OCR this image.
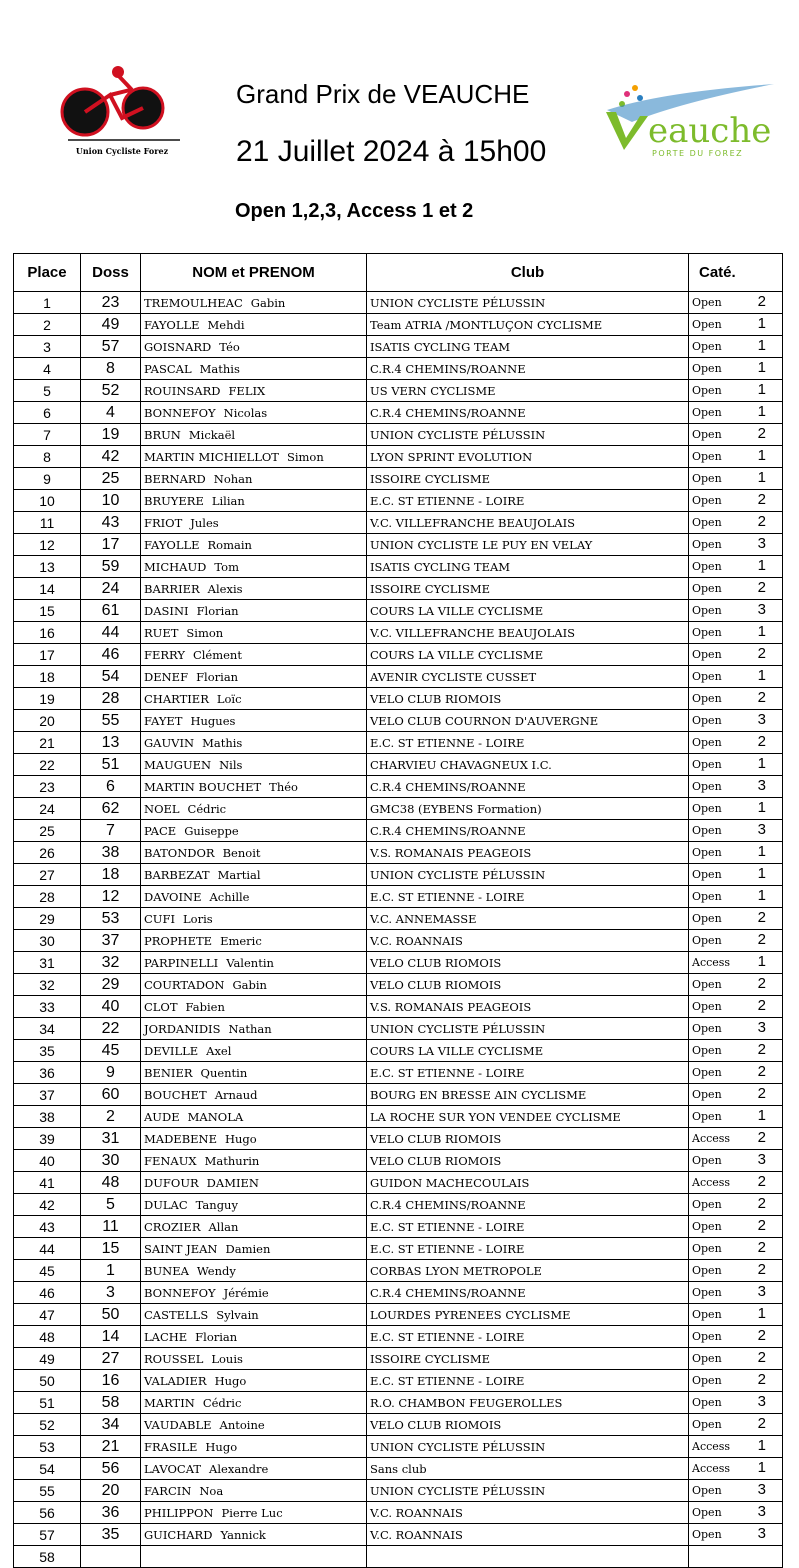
Union Cycliste Forez
Grand Prix de VEAUCHE
21 Juillet 2024 à 15h00
Open 1,2,3, Access 1 et 2
eauche
PORTE DU FOREZ
Place	Doss	NOM et PRENOM	Club	Caté.
1	23	TREMOULHEAC Gabin	UNION CYCLISTE PÉLUSSIN	Open 2

2	49	FAYOLLE Mehdi	Team ATRIA /MONTLUÇON CYCLISME	Open 1

3	57	GOISNARD Téo	ISATIS CYCLING TEAM	Open 1

4	8	PASCAL Mathis	C.R.4 CHEMINS/ROANNE	Open 1

5	52	ROUINSARD FELIX	US VERN CYCLISME	Open 1

6	4	BONNEFOY Nicolas	C.R.4 CHEMINS/ROANNE	Open 1

7	19	BRUN Mickaël	UNION CYCLISTE PÉLUSSIN	Open 2

8	42	MARTIN MICHIELLOT Simon	LYON SPRINT EVOLUTION	Open 1

9	25	BERNARD Nohan	ISSOIRE CYCLISME	Open 1

10	10	BRUYERE Lilian	E.C. ST ETIENNE - LOIRE	Open 2

11	43	FRIOT Jules	V.C. VILLEFRANCHE BEAUJOLAIS	Open 2

12	17	FAYOLLE Romain	UNION CYCLISTE LE PUY EN VELAY	Open 3

13	59	MICHAUD Tom	ISATIS CYCLING TEAM	Open 1

14	24	BARRIER Alexis	ISSOIRE CYCLISME	Open 2

15	61	DASINI Florian	COURS LA VILLE CYCLISME	Open 3

16	44	RUET Simon	V.C. VILLEFRANCHE BEAUJOLAIS	Open 1

17	46	FERRY Clément	COURS LA VILLE CYCLISME	Open 2

18	54	DENEF Florian	AVENIR CYCLISTE CUSSET	Open 1

19	28	CHARTIER Loïc	VELO CLUB RIOMOIS	Open 2

20	55	FAYET Hugues	VELO CLUB COURNON D'AUVERGNE	Open 3

21	13	GAUVIN Mathis	E.C. ST ETIENNE - LOIRE	Open 2

22	51	MAUGUEN Nils	CHARVIEU CHAVAGNEUX I.C.	Open 1

23	6	MARTIN BOUCHET Théo	C.R.4 CHEMINS/ROANNE	Open 3

24	62	NOEL Cédric	GMC38 (EYBENS Formation)	Open 1

25	7	PACE Guiseppe	C.R.4 CHEMINS/ROANNE	Open 3

26	38	BATONDOR Benoit	V.S. ROMANAIS PEAGEOIS	Open 1

27	18	BARBEZAT Martial	UNION CYCLISTE PÉLUSSIN	Open 1

28	12	DAVOINE Achille	E.C. ST ETIENNE - LOIRE	Open 1

29	53	CUFI Loris	V.C. ANNEMASSE	Open 2

30	37	PROPHETE Emeric	V.C. ROANNAIS	Open 2

31	32	PARPINELLI Valentin	VELO CLUB RIOMOIS	Access 1

32	29	COURTADON Gabin	VELO CLUB RIOMOIS	Open 2

33	40	CLOT Fabien	V.S. ROMANAIS PEAGEOIS	Open 2

34	22	JORDANIDIS Nathan	UNION CYCLISTE PÉLUSSIN	Open 3

35	45	DEVILLE Axel	COURS LA VILLE CYCLISME	Open 2

36	9	BENIER Quentin	E.C. ST ETIENNE - LOIRE	Open 2

37	60	BOUCHET Arnaud	BOURG EN BRESSE AIN CYCLISME	Open 2

38	2	AUDE MANOLA	LA ROCHE SUR YON VENDEE CYCLISME	Open 1

39	31	MADEBENE Hugo	VELO CLUB RIOMOIS	Access 2

40	30	FENAUX Mathurin	VELO CLUB RIOMOIS	Open 3

41	48	DUFOUR DAMIEN	GUIDON MACHECOULAIS	Access 2

42	5	DULAC Tanguy	C.R.4 CHEMINS/ROANNE	Open 2

43	11	CROZIER Allan	E.C. ST ETIENNE - LOIRE	Open 2

44	15	SAINT JEAN Damien	E.C. ST ETIENNE - LOIRE	Open 2

45	1	BUNEA Wendy	CORBAS LYON METROPOLE	Open 2

46	3	BONNEFOY Jérémie	C.R.4 CHEMINS/ROANNE	Open 3

47	50	CASTELLS Sylvain	LOURDES PYRENEES CYCLISME	Open 1

48	14	LACHE Florian	E.C. ST ETIENNE - LOIRE	Open 2

49	27	ROUSSEL Louis	ISSOIRE CYCLISME	Open 2

50	16	VALADIER Hugo	E.C. ST ETIENNE - LOIRE	Open 2

51	58	MARTIN Cédric	R.O. CHAMBON FEUGEROLLES	Open 3

52	34	VAUDABLE Antoine	VELO CLUB RIOMOIS	Open 2

53	21	FRASILE Hugo	UNION CYCLISTE PÉLUSSIN	Access 1

54	56	LAVOCAT Alexandre	Sans club	Access 1

55	20	FARCIN Noa	UNION CYCLISTE PÉLUSSIN	Open 3

56	36	PHILIPPON Pierre Luc	V.C. ROANNAIS	Open 3

57	35	GUICHARD Yannick	V.C. ROANNAIS	Open 3

58				
